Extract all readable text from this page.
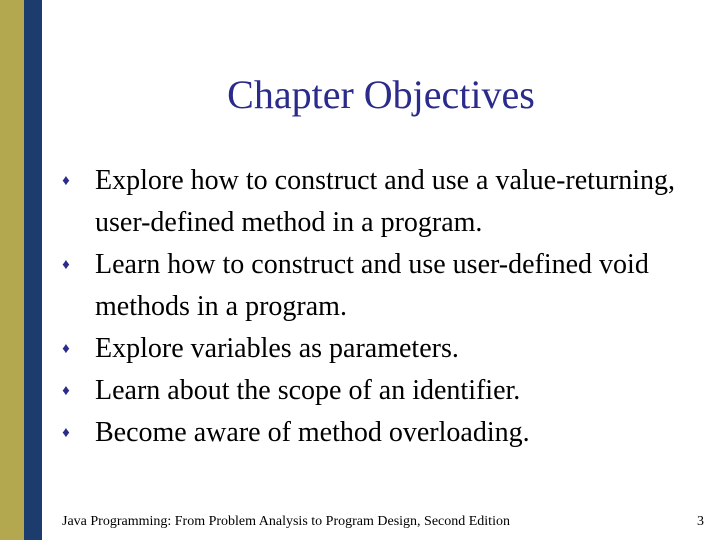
Chapter Objectives
♦ Explore how to construct and use a value-returning, user-defined method in a program.
♦ Learn how to construct and use user-defined void methods in a program.
♦ Explore variables as parameters.
♦ Learn about the scope of an identifier.
♦ Become aware of method overloading.
Java Programming: From Problem Analysis to Program Design, Second Edition	3
